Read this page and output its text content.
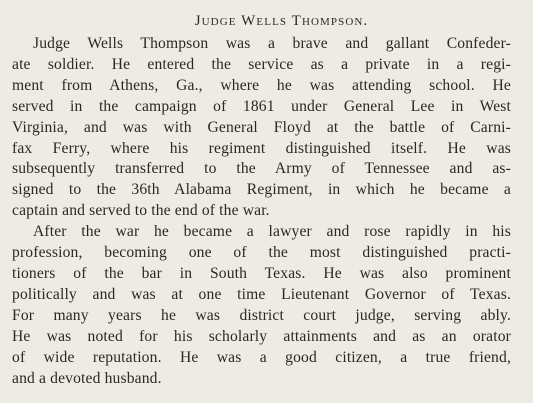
Judge Wells Thompson.
Judge Wells Thompson was a brave and gallant Confeder-
ate soldier. He entered the service as a private in a regi-
ment from Athens, Ga., where he was attending school. He
served in the campaign of 1861 under General Lee in West
Virginia, and was with General Floyd at the battle of Carni-
fax Ferry, where his regiment distinguished itself. He was
subsequently transferred to the Army of Tennessee and as-
signed to the 36th Alabama Regiment, in which he became a
captain and served to the end of the war.
After the war he became a lawyer and rose rapidly in his
profession, becoming one of the most distinguished practi-
tioners of the bar in South Texas. He was also prominent
politically and was at one time Lieutenant Governor of Texas.
For many years he was district court judge, serving ably.
He was noted for his scholarly attainments and as an orator
of wide reputation. He was a good citizen, a true friend,
and a devoted husband.
